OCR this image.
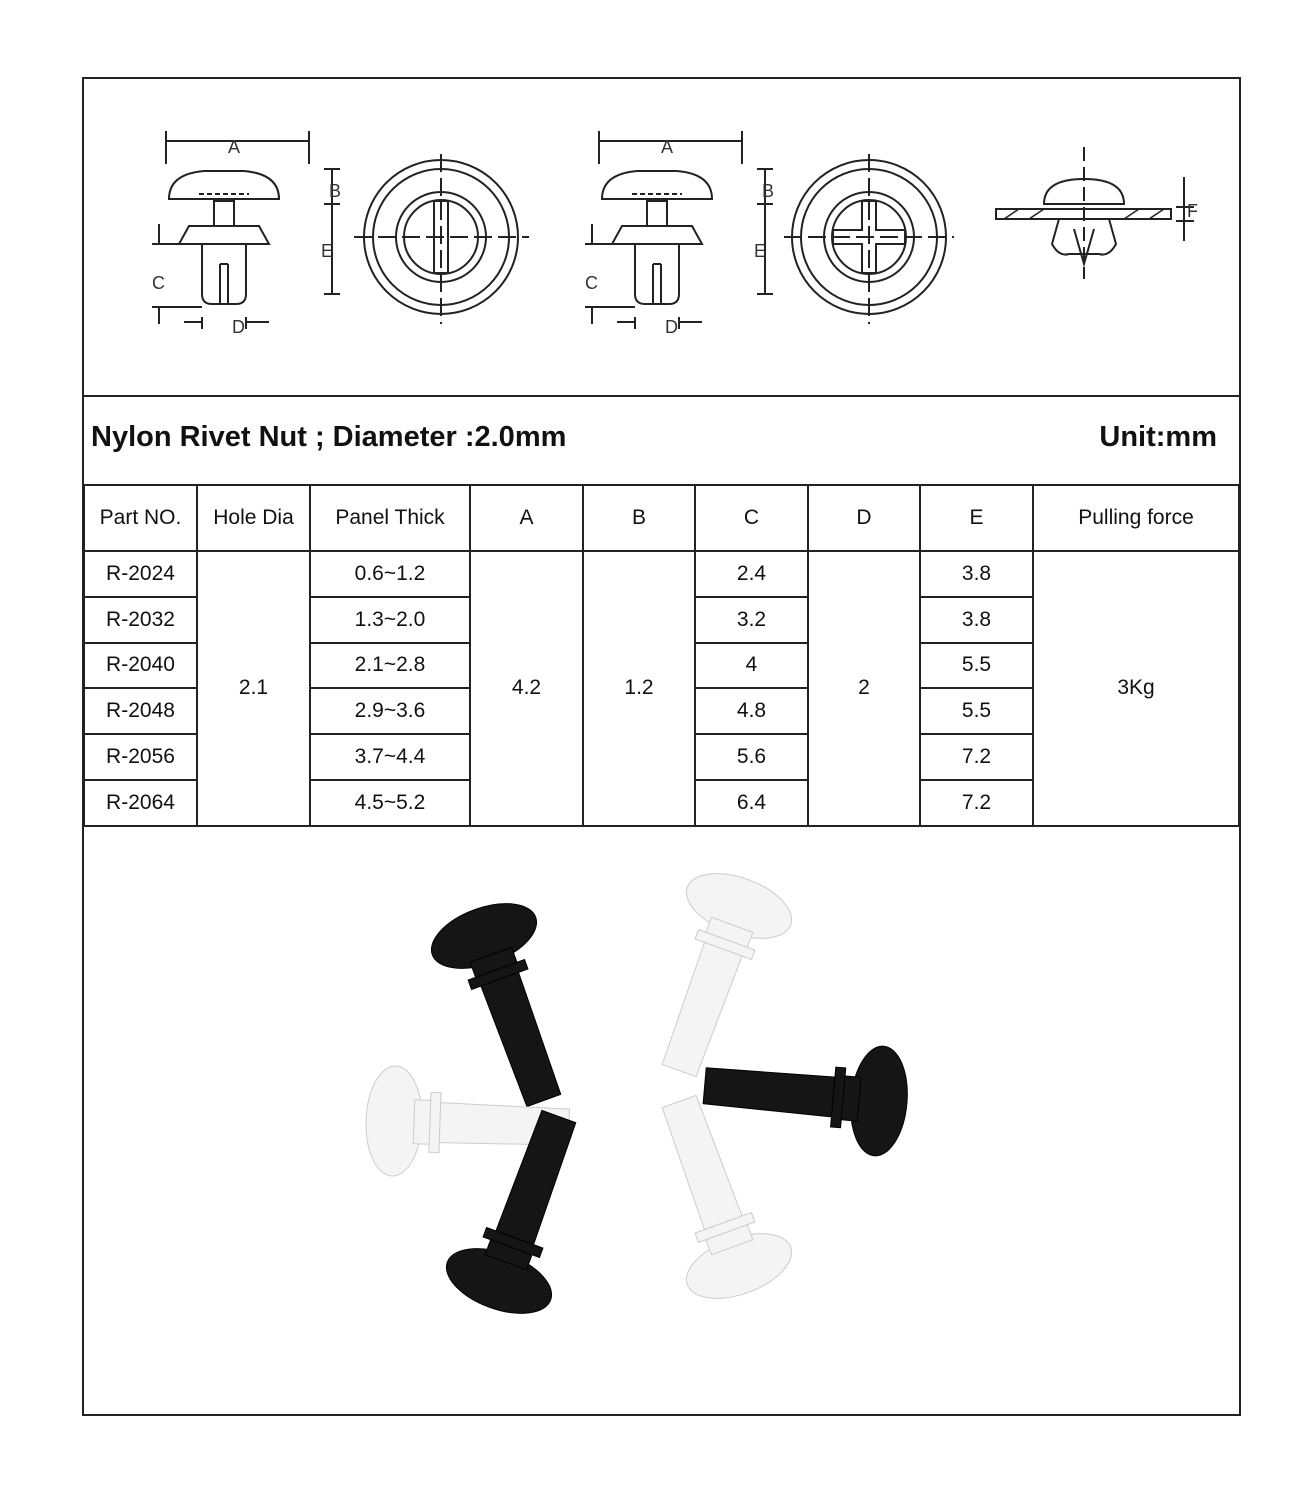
A
B
E
C
D
A
B
E
C
D
F
Nylon Rivet Nut ; Diameter :2.0mm	Unit:mm
Part NO.	Hole Dia	Panel Thick	A	B	C	D	E	Pulling force
R-2024	2.1	0.6~1.2	4.2	1.2	2.4	2	3.8	3Kg
R-2032		1.3~2.0			3.2		3.8	
R-2040		2.1~2.8			4		5.5	
R-2048		2.9~3.6			4.8		5.5	
R-2056		3.7~4.4			5.6		7.2	
R-2064		4.5~5.2			6.4		7.2	
